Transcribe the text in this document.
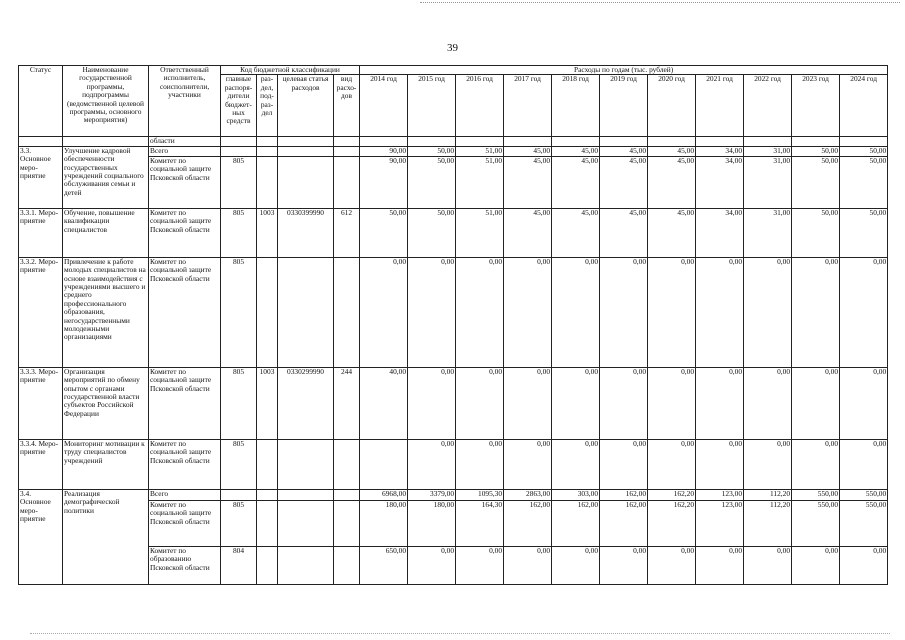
39
Статус	Наименование государственной программы, подпрограммы (ведомственной целевой программы, основного мероприятия)	Ответственный исполнитель, соисполнители, участники	Код бюджетной классификации				Расходы по годам (тыс. рублей)										
			главные распоря-дители бюджет-ных средств	раз-дел, под-раз-дел	целевая статья расходов	вид расхо-дов	2014 год	2015 год	2016 год	2017 год	2018 год	2019 год	2020 год	2021 год	2022 год	2023 год	2024 год
		области															
3.3. Основное меро-приятие	Улучшение кадровой обеспеченности государственных учреждений социального обслуживания семьи и детей	Всего					90,00	50,00	51,00	45,00	45,00	45,00	45,00	34,00	31,00	50,00	50,00
		Комитет по социальной защите Псковской области	805				90,00	50,00	51,00	45,00	45,00	45,00	45,00	34,00	31,00	50,00	50,00
3.3.1. Меро-приятие	Обучение, повышение квалификации специалистов	Комитет по социальной защите Псковской области	805	1003	0330399990	612	50,00	50,00	51,00	45,00	45,00	45,00	45,00	34,00	31,00	50,00	50,00
3.3.2. Меро-приятие	Привлечение к работе молодых специалистов на основе взаимодействия с учреждениями высшего и среднего профессионального образования, негосударственными молодежными организациями	Комитет по социальной защите Псковской области	805				0,00	0,00	0,00	0,00	0,00	0,00	0,00	0,00	0,00	0,00	0,00
3.3.3. Меро-приятие	Организация мероприятий по обмену опытом с органами государственной власти субъектов Российской Федерации	Комитет по социальной защите Псковской области	805	1003	0330299990	244	40,00	0,00	0,00	0,00	0,00	0,00	0,00	0,00	0,00	0,00	0,00
3.3.4. Меро-приятие	Мониторинг мотивации к труду специалистов учреждений	Комитет по социальной защите Псковской области	805					0,00	0,00	0,00	0,00	0,00	0,00	0,00	0,00	0,00	0,00
3.4. Основное меро-приятие	Реализация демографической политики	Всего					6968,00	3379,00	1095,30	2863,00	303,00	162,00	162,20	123,00	112,20	550,00	550,00
		Комитет по социальной защите Псковской области	805				180,00	180,00	164,30	162,00	162,00	162,00	162,20	123,00	112,20	550,00	550,00
		Комитет по образованию Псковской области	804				650,00	0,00	0,00	0,00	0,00	0,00	0,00	0,00	0,00	0,00	0,00
